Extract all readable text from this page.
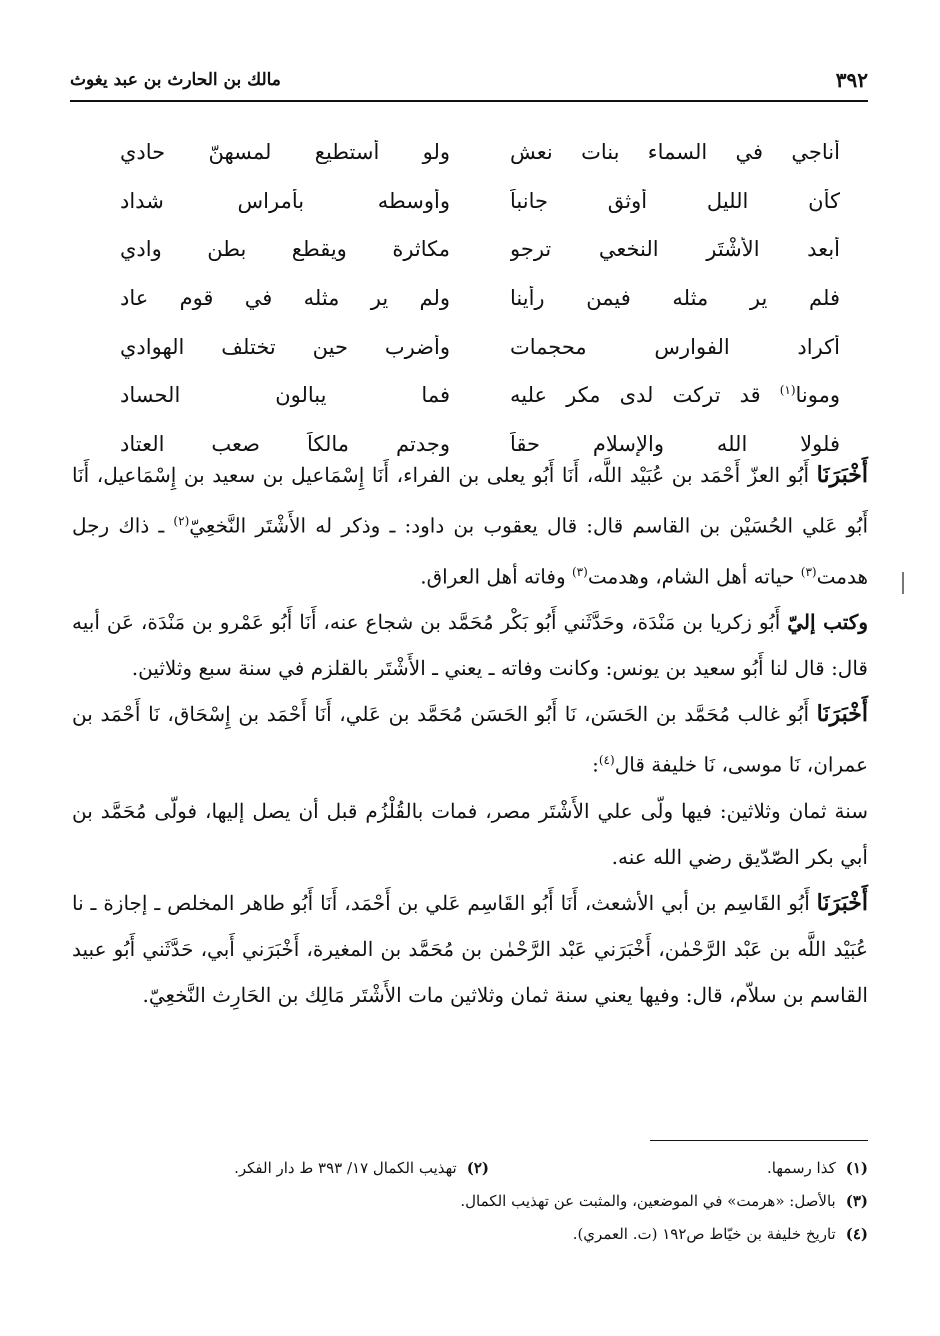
٣٩٢
مالك بن الحارث بن عبد يغوث
أناجي في السماء بنات نعشٍ
ولو أستطيع لمسهنّ حادي
كأن الليل أوثق جانباً
وأوسطه بأمراس شداد
أبعد الأشْتَر النخعي ترجو
مكاثرة ويقطع بطن وادي
فلم ير مثله فيمن رأينا
ولم ير مثله في قوم عاد
أكراد الفوارس محجمات
وأضرب حين تختلف الهوادي
ومونا$^{(١)}$ قد تركت لدى مكر عليه
فما يبالون الحساد
فلولا الله والإسلام حقاً
وجدتم مالكاً صعب العتاد

أَخْبَرَنَا أَبُو العزّ أَحْمَد بن عُبَيْد اللَّه، أَنَا أَبُو يعلى بن الفراء، أَنَا إِسْمَاعيل بن سعيد بن إِسْمَاعيل، أَنَا أَبُو عَلي الحُسَيْن بن القاسم قال: قال يعقوب بن داود: ـ وذكر له الأَشْتَر النَّخعِيّ$^{(٢)}$ ـ ذاك رجل هدمت$^{(٣)}$ حياته أهل الشام، وهدمت$^{(٣)}$ وفاته أهل العراق.

وكتب إليّ أَبُو زكريا بن مَنْدَة، وحَدَّثَني أَبُو بَكْر مُحَمَّد بن شجاع عنه، أَنَا أَبُو عَمْرو بن مَنْدَة، عَن أبيه قال: قال لنا أَبُو سعيد بن يونس: وكانت وفاته ـ يعني ـ الأَشْتَر بالقلزم في سنة سبع وثلاثين.

أَخْبَرَنَا أَبُو غالب مُحَمَّد بن الحَسَن، نَا أَبُو الحَسَن مُحَمَّد بن عَلي، أَنَا أَحْمَد بن إِسْحَاق، نَا أَحْمَد بن عمران، نَا موسى، نَا خليفة قال$^{(٤)}$:

سنة ثمان وثلاثين: فيها ولّى علي الأَشْتَر مصر، فمات بالقُلْزُم قبل أن يصل إليها، فولّى مُحَمَّد بن أبي بكر الصّدّيق رضي الله عنه.

أَخْبَرَنَا أَبُو القَاسِم بن أبي الأشعث، أَنَا أَبُو القَاسِم عَلي بن أَحْمَد، أَنَا أَبُو طاهر المخلص ـ إجازة ـ نا عُبَيْد اللَّه بن عَبْد الرَّحْمٰن، أَخْبَرَني عَبْد الرَّحْمٰن بن مُحَمَّد بن المغيرة، أَخْبَرَني أَبي، حَدَّثَني أَبُو عبيد القاسم بن سلاّم، قال: وفيها يعني سنة ثمان وثلاثين مات الأَشْتَر مَالِك بن الحَارِث النَّخعِيّ.

(١)كذا رسمها.
(٢)تهذيب الكمال ١٧/ ٣٩٣ ط دار الفكر.
(٣)بالأصل: «هرمت» في الموضعين، والمثبت عن تهذيب الكمال.
(٤)تاريخ خليفة بن خيّاط ص١٩٢ (ت. العمري).
